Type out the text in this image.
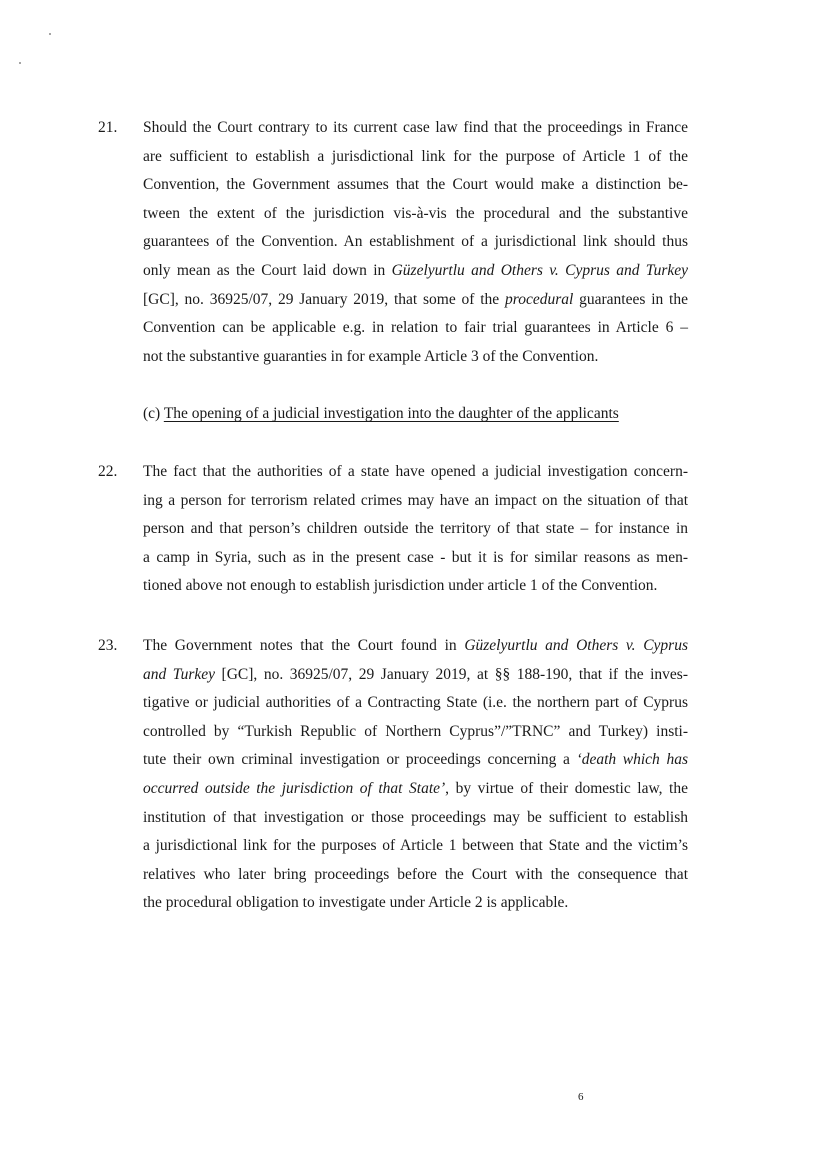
21. Should the Court contrary to its current case law find that the proceedings in France
are sufficient to establish a jurisdictional link for the purpose of Article 1 of the
Convention, the Government assumes that the Court would make a distinction be-
tween the extent of the jurisdiction vis-à-vis the procedural and the substantive
guarantees of the Convention. An establishment of a jurisdictional link should thus
only mean as the Court laid down in Güzelyurtlu and Others v. Cyprus and Turkey
[GC], no. 36925/07, 29 January 2019, that some of the procedural guarantees in the
Convention can be applicable e.g. in relation to fair trial guarantees in Article 6 –
not the substantive guaranties in for example Article 3 of the Convention.
(c) The opening of a judicial investigation into the daughter of the applicants
22. The fact that the authorities of a state have opened a judicial investigation concern-
ing a person for terrorism related crimes may have an impact on the situation of that
person and that person’s children outside the territory of that state – for instance in
a camp in Syria, such as in the present case - but it is for similar reasons as men-
tioned above not enough to establish jurisdiction under article 1 of the Convention.
23. The Government notes that the Court found in Güzelyurtlu and Others v. Cyprus
and Turkey [GC], no. 36925/07, 29 January 2019, at §§ 188-190, that if the inves-
tigative or judicial authorities of a Contracting State (i.e. the northern part of Cyprus
controlled by “Turkish Republic of Northern Cyprus”/”TRNC” and Turkey) insti-
tute their own criminal investigation or proceedings concerning a ‘death which has
occurred outside the jurisdiction of that State’, by virtue of their domestic law, the
institution of that investigation or those proceedings may be sufficient to establish
a jurisdictional link for the purposes of Article 1 between that State and the victim’s
relatives who later bring proceedings before the Court with the consequence that
the procedural obligation to investigate under Article 2 is applicable.
6
